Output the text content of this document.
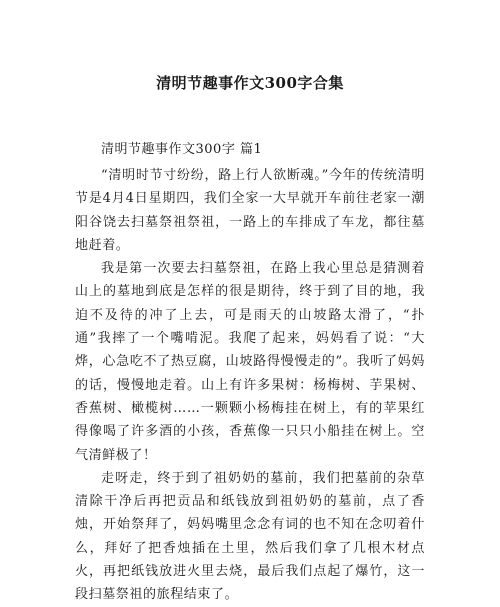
清明节趣事作文300字合集
清明节趣事作文300字 篇1

“清明时节寸纷纷，路上行人欲断魂。”今年的传统清明节是4月4日星期四，我们全家一大早就开车前往老家一潮阳谷饶去扫墓祭祖祭祖，一路上的车排成了车龙，都往墓地赶着。

我是第一次要去扫墓祭祖，在路上我心里总是猜测着山上的墓地到底是怎样的很是期待，终于到了目的地，我迫不及待的冲了上去，可是雨天的山坡路太滑了，“扑通”我摔了一个嘴啃泥。我爬了起来，妈妈看了说：“大烨，心急吃不了热豆腐，山坡路得慢慢走的”。我听了妈妈的话，慢慢地走着。山上有许多果树：杨梅树、芋果树、香蕉树、橄榄树……一颗颗小杨梅挂在树上，有的苹果红得像喝了许多酒的小孩，香蕉像一只只小船挂在树上。空气清鲜极了！

走呀走，终于到了祖奶奶的墓前，我们把墓前的杂草清除干净后再把贡品和纸钱放到祖奶奶的墓前，点了香烛，开始祭拜了，妈妈嘴里念念有词的也不知在念叨着什么，拜好了把香烛插在土里，然后我们拿了几根木材点火，再把纸钱放进火里去烧，最后我们点起了爆竹，这一段扫墓祭祖的旅程结束了。
